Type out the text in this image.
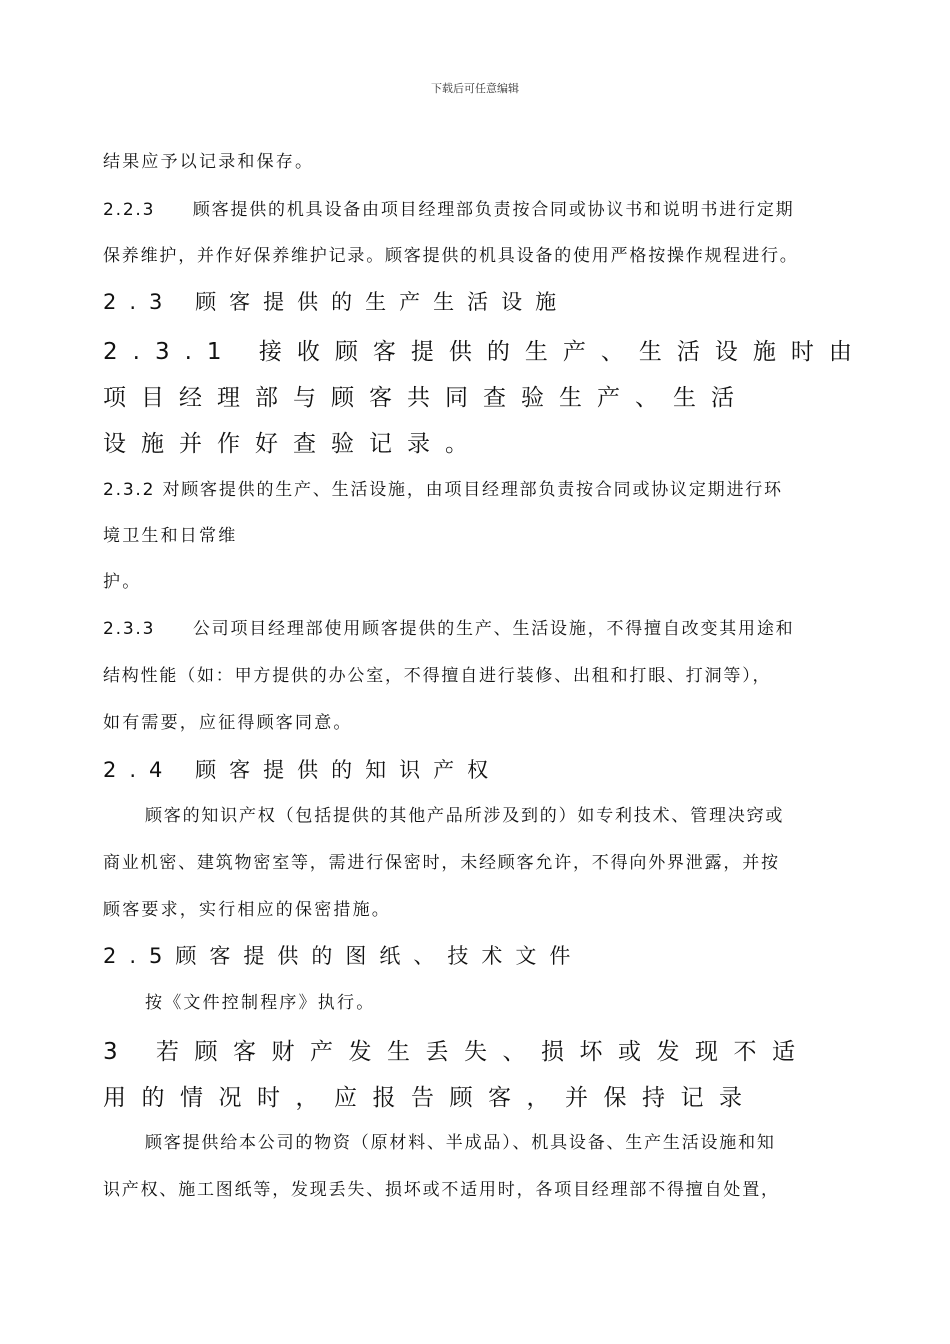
下载后可任意编辑
结果应予以记录和保存。
2.2.3　　顾客提供的机具设备由项目经理部负责按合同或协议书和说明书进行定期
保养维护，并作好保养维护记录。顾客提供的机具设备的使用严格按操作规程进行。
2.3 顾客提供的生产生活设施
2.3.1 接收顾客提供的生产、生活设施时由
项目经理部与顾客共同查验生产、生活
设施并作好查验记录。
2.3.2 对顾客提供的生产、生活设施，由项目经理部负责按合同或协议定期进行环
境卫生和日常维
护。
2.3.3　　公司项目经理部使用顾客提供的生产、生活设施，不得擅自改变其用途和
结构性能（如：甲方提供的办公室，不得擅自进行装修、出租和打眼、打洞等），
如有需要，应征得顾客同意。
2.4 顾客提供的知识产权
顾客的知识产权（包括提供的其他产品所涉及到的）如专利技术、管理决窍或
商业机密、建筑物密室等，需进行保密时，未经顾客允许，不得向外界泄露，并按
顾客要求，实行相应的保密措施。
2.5顾客提供的图纸、技术文件
按《文件控制程序》执行。
3 若顾客财产发生丢失、损坏或发现不适
用的情况时，应报告顾客，并保持记录
顾客提供给本公司的物资（原材料、半成品）、机具设备、生产生活设施和知
识产权、施工图纸等，发现丢失、损坏或不适用时，各项目经理部不得擅自处置，
